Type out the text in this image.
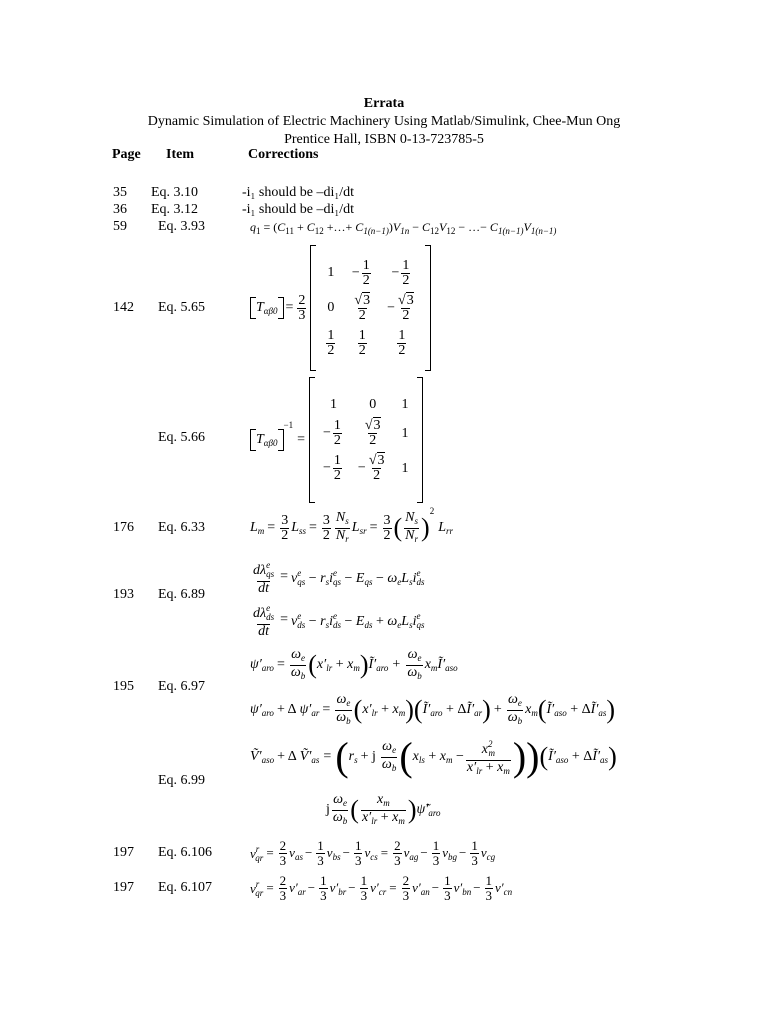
Errata
Dynamic Simulation of Electric Machinery Using Matlab/Simulink, Chee-Mun Ong
Prentice Hall, ISBN 0-13-723785-5
Page Item	Corrections
35 Eq. 3.10	-i₁ should be –di₁/dt
36 Eq. 3.12	-i₁ should be –di₁/dt
59 Eq. 3.93	$q_1 = (C_{11} + C_{12}$ +…+ $C_{1(n-1)})V_{1n} - C_{12}V_{12}$ − …− $C_{1(n-1)}V_{1(n-1)}$
142 Eq. 5.65	$T_{\alpha\beta 0} = \frac{2}{3}$
$1 - \frac{1}{2} - \frac{1}{2}$
$0 \frac{√3}{2} - \frac{√3}{2}$
$\frac{1}{2} \frac{1}{2} \frac{1}{2}$
Eq. 5.66	$T_{\alpha\beta 0}$
$^{-1}$
=
1 0 1
− $\frac{1}{2} \frac{√3}{2} 1$
− $\frac{1}{2} - \frac{√3}{2} 1$
176 Eq. 6.33	$L_m = \frac{3}{2} L_{ss} = \frac{3}{2} \frac{N_s}{N_r} L_{sr} = \frac{3}{2}$ ( $\frac{N_s}{N_r}$ )
$^2$
$L_{rr}$
193 Eq. 6.89	$\frac{d\lambda^e_{qs}}{dt} = v^e_{qs} - r_si^e_{qs} - E_{qs} - \omega_eL_si^e_{ds}$
$\frac{d\lambda^e_{ds}}{dt} = v^e_{ds} - r_si^e_{ds} - E_{ds} + \omega_eL_si^e_{qs}$
195 Eq. 6.97
$\psi'_{aro} = \frac{\omega_e}{\omega_b}$ ( $x'_{lr} + x_m$ ) $Ĩ'_{aro} + \frac{\omega_e}{\omega_b}$ $x_mĨ'_{aso}$
$\psi'_{aro} + \Delta$ $\psi'_{ar} = \frac{\omega_e}{\omega_b}$ ( $x'_{lr} + x_m$ ) ( $Ĩ'_{aro}$ + $\Delta Ĩ'_{ar}$ ) + $\frac{\omega_e}{\omega_b} x_m$ ( $Ĩ'_{aso}$ + $\Delta Ĩ'_{as}$ )
Eq. 6.99
$Ṽ'_{aso} + \Delta$ $Ṽ'_{as}$ = ( $r_s + j \frac{\omega_e}{\omega_b}$ ( $x_{ls} + x_m - \frac{x^2_m}{x'_{lr} + x_m}$ ) ) ( $Ĩ'_{aso}$ + $\Delta Ĩ'_{as}$ )
j $\frac{\omega_e}{\omega_b}$ ( $\frac{x_m}{x'_{lr} + x_m}$ ) $\psĩ'_{aro}$
197 Eq. 6.106	$v^r_{qr} = \frac{2}{3} v_{as} - \frac{1}{3} v_{bs} - \frac{1}{3} v_{cs} = \frac{2}{3} v_{ag} - \frac{1}{3} v_{bg} - \frac{1}{3} v_{cg}$
197 Eq. 6.107	$v^r_{qr} = \frac{2}{3} v'_{ar} - \frac{1}{3} v'_{br} - \frac{1}{3} v'_{cr} = \frac{2}{3} v'_{an} - \frac{1}{3} v'_{bn} - \frac{1}{3} v'_{cn}$
